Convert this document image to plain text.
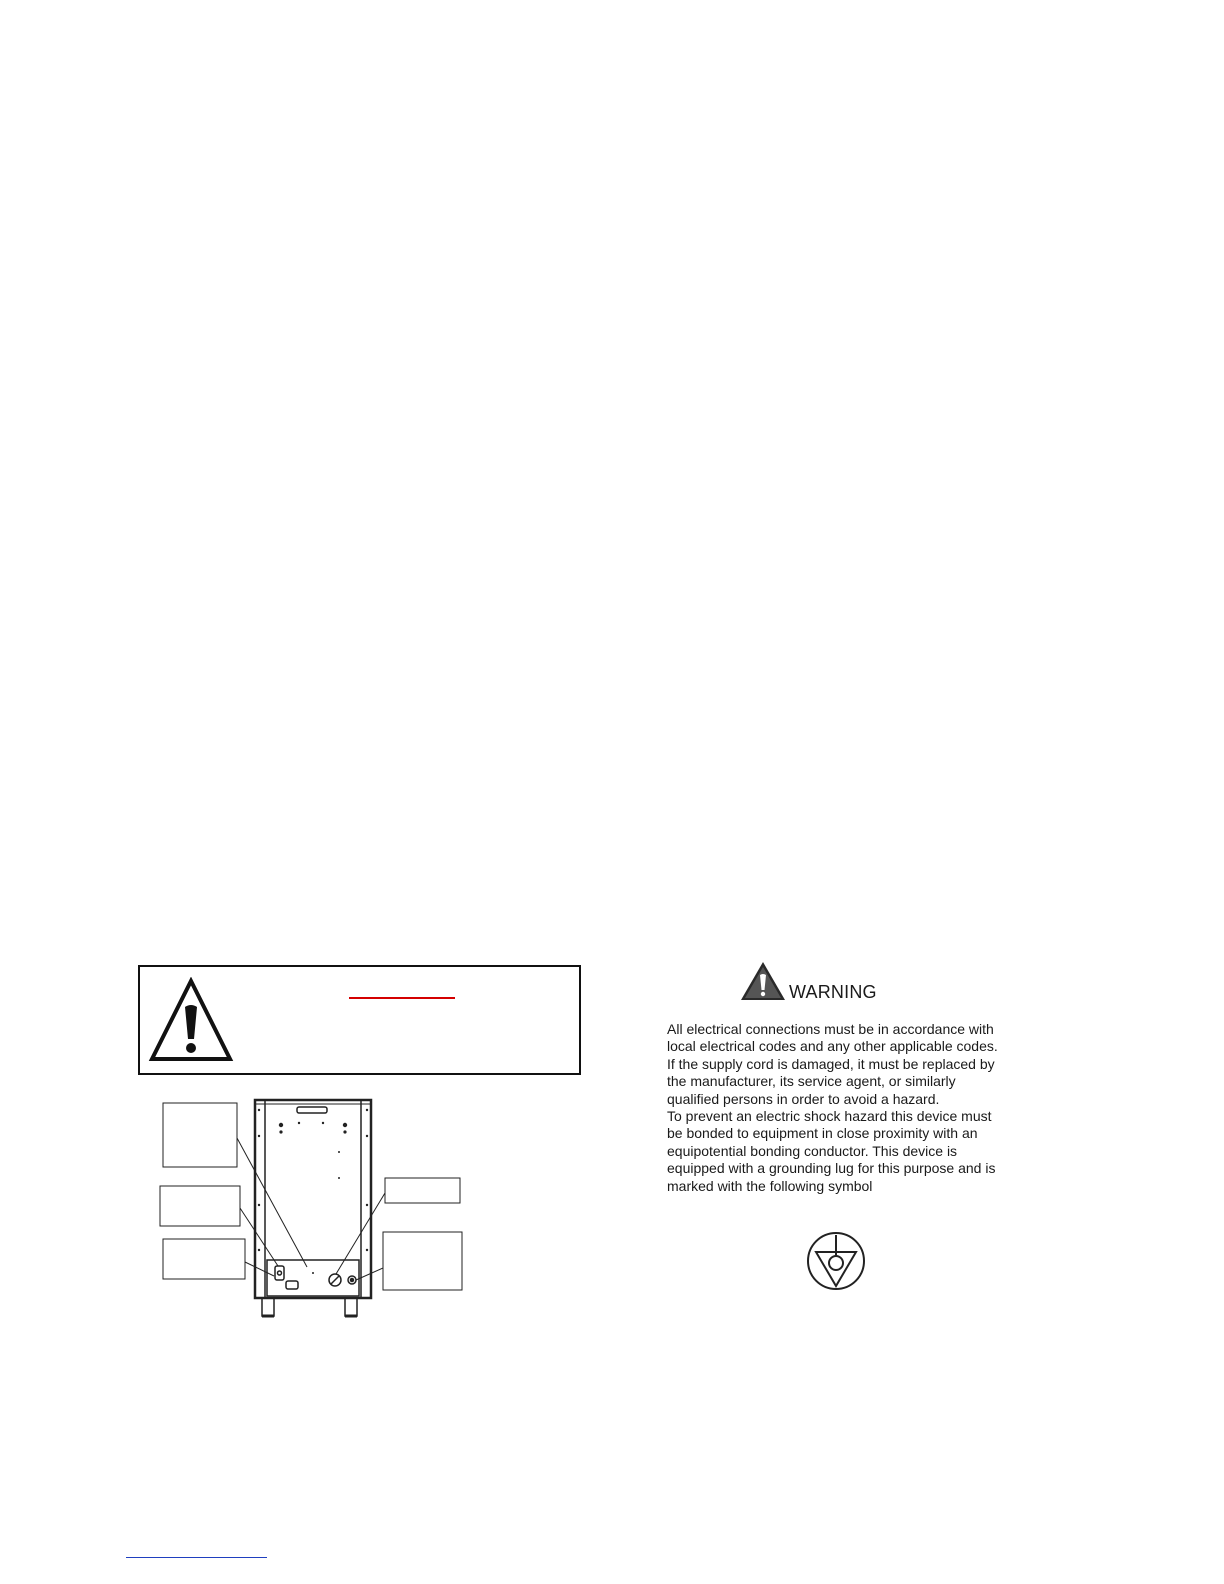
WARNING

All electrical connections must be in accordance with local electrical codes and any other applicable codes.

If the supply cord is damaged, it must be replaced by the manufacturer, its service agent, or similarly qualified persons in order to avoid a hazard.

To prevent an electric shock hazard this device must be bonded to equipment in close proximity with an equipotential bonding conductor. This device is equipped with a grounding lug for this purpose and is marked with the following symbol
